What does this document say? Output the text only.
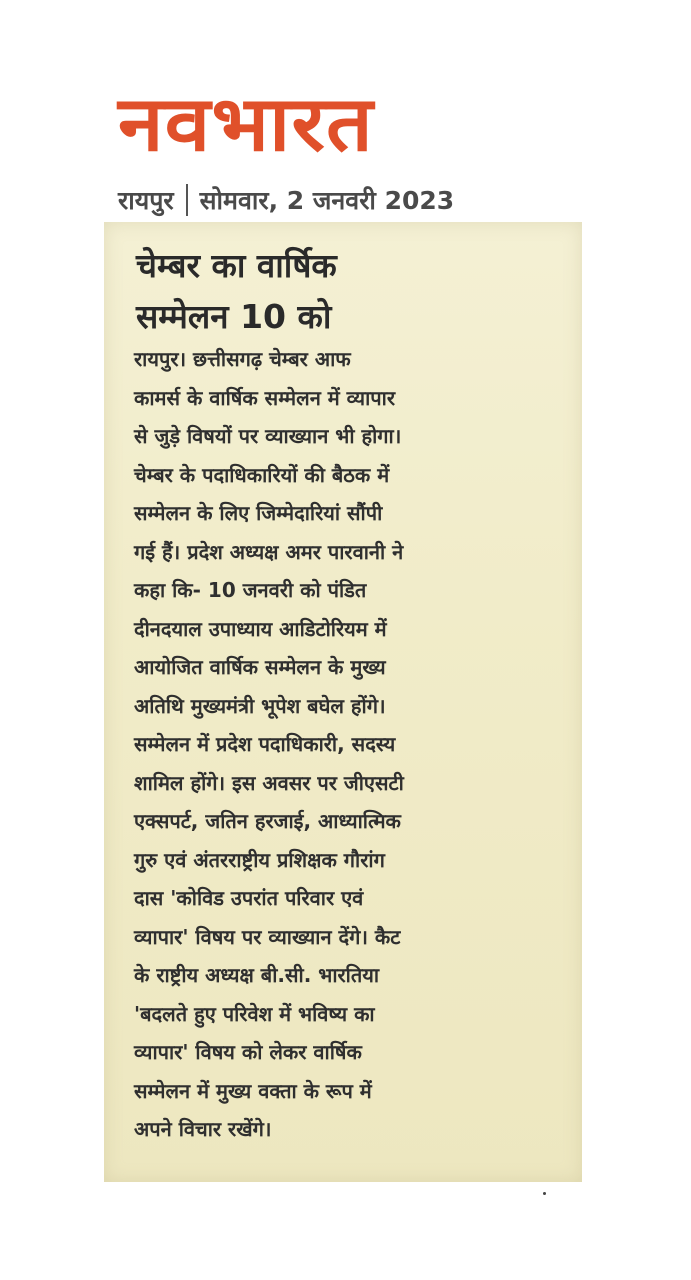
नवभारत
रायपुर सोमवार, 2 जनवरी 2023
चेम्बर का वार्षिक
सम्मेलन 10 को

रायपुर। छत्तीसगढ़ चेम्बर आफ
कामर्स के वार्षिक सम्मेलन में व्यापार
से जुड़े विषयों पर व्याख्यान भी होगा।
चेम्बर के पदाधिकारियों की बैठक में
सम्मेलन के लिए जिम्मेदारियां सौंपी
गई हैं। प्रदेश अध्यक्ष अमर पारवानी ने
कहा कि- 10 जनवरी को पंडित
दीनदयाल उपाध्याय आडिटोरियम में
आयोजित वार्षिक सम्मेलन के मुख्य
अतिथि मुख्यमंत्री भूपेश बघेल होंगे।
सम्मेलन में प्रदेश पदाधिकारी, सदस्य
शामिल होंगे। इस अवसर पर जीएसटी
एक्सपर्ट, जतिन हरजाई, आध्यात्मिक
गुरु एवं अंतरराष्ट्रीय प्रशिक्षक गौरांग
दास 'कोविड उपरांत परिवार एवं
व्यापार' विषय पर व्याख्यान देंगे। कैट
के राष्ट्रीय अध्यक्ष बी.सी. भारतिया
'बदलते हुए परिवेश में भविष्य का
व्यापार' विषय को लेकर वार्षिक
सम्मेलन में मुख्य वक्ता के रूप में
अपने विचार रखेंगे।
